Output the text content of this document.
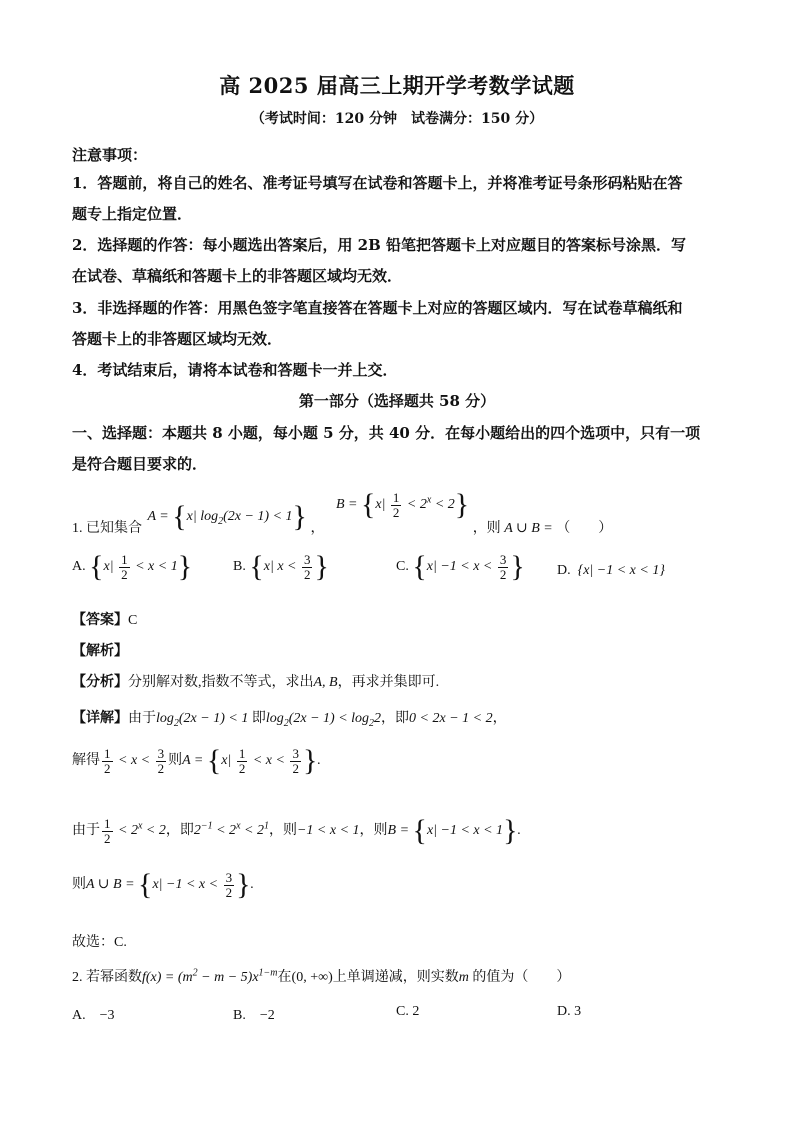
高 2025 届高三上期开学考数学试题
（考试时间：120 分钟　试卷满分：150 分）
注意事项：
1．答题前，将自己的姓名、准考证号填写在试卷和答题卡上，并将准考证号条形码粘贴在答
题专上指定位置．
2．选择题的作答：每小题选出答案后，用 2B 铅笔把答题卡上对应题目的答案标号涂黑．写
在试卷、草稿纸和答题卡上的非答题区域均无效．
3．非选择题的作答：用黑色签字笔直接答在答题卡上对应的答题区域内．写在试卷草稿纸和
答题卡上的非答题区域均无效．
4．考试结束后，请将本试卷和答题卡一并上交．
第一部分（选择题共 58 分）
一、选择题：本题共 8 小题，每小题 5 分，共 40 分．在每小题给出的四个选项中，只有一项
是符合题目要求的．
1. 已知集合 A = {x| $\log_2(2x - 1) < 1$} ， $B = \{x| \frac{1}{2} < 2^x < 2\}$ ，则 A ∪ B = （　　）
A. $\{x| \frac{1}{2} < x < 1\}$	B. {x| $x < \frac{3}{2}$ }	C. {$x| -1 < x < \frac{3}{2}$ } D.  {x| −1 < x < 1}
【答案】C
【解析】
【分析】分别解对数,指数不等式，求出A, B，再求并集即可.
【详解】由于$\log_2(2x - 1) < 1$ 即$\log_2(2x - 1) < \log_22$，即0 < 2x − 1 < 2，
解得 $\frac{1}{2} < x < \frac{3}{2}$ 则$A = \{x| \frac{1}{2} < x < \frac{3}{2}$ }.
由于 $\frac{1}{2} < 2^x < 2$，即$2^{-1} < 2^x < 2^1$，则−1 < x < 1，则B = {x| −1 < x < 1}.
则A ∪ $B = \{x| -1 < x < \frac{3}{2}$ }.
故选：C.
2. 若幂函数$f(x) = (m^2 - m - 5)x^{1-m}$在(0, +∞)上单调递减，则实数m 的值为（　　）
A.　−3	B.　−2	C. 2	D. 3
